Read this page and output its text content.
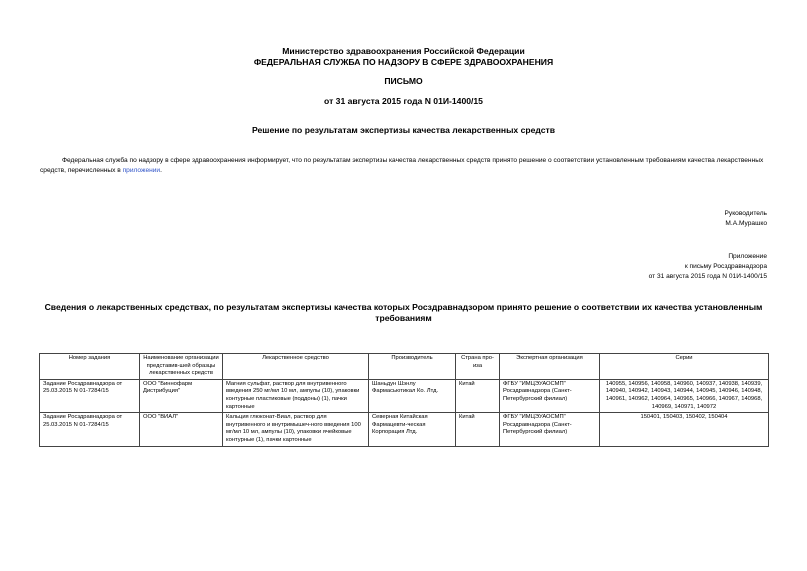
Министерство здравоохранения Российской Федерации
ФЕДЕРАЛЬНАЯ СЛУЖБА ПО НАДЗОРУ В СФЕРЕ ЗДРАВООХРАНЕНИЯ
ПИСЬМО
от 31 августа 2015 года N 01И-1400/15
Решение по результатам экспертизы качества лекарственных средств
Федеральная служба по надзору в сфере здравоохранения информирует, что по результатам экспертизы качества лекарственных средств принято решение о соответствии установленным требованиям качества лекарственных средств, перечисленных в приложении.
Руководитель
М.А.Мурашко
Приложение
к письму Росздравнадзора
от 31 августа 2015 года N 01И-1400/15
Сведения о лекарственных средствах, по результатам экспертизы качества которых Росздравнадзором принято решение о соответствии их качества установленным требованиям
Номер задания	Наименование организации представив-шей образцы лекарственных средств	Лекарственное средство	Производитель	Страна про-иза	Экспертная организация	Серии
Задание Росздравнадзора от 25.03.2015 N 01-7284/15	ООО "Биннофарм Дистрибуция"	Магния сульфат, раствор для внутривенного введения 250 мг/мл 10 мл, ампулы (10), упаковки контурные пластиковые (поддоны) (1), пачки картонные	Шаньдун Шэнлу Фармасьютикал Ко. Лтд.	Китай	ФГБУ "ИМЦЭУАОСМП" Росздравнадзора (Санкт-Петербургский филиал)	140955, 140956, 140958, 140960, 140937, 140938, 140939, 140940, 140942, 140943, 140944, 140945, 140946, 140948, 140961, 140962, 140964, 140965, 140966, 140967, 140968, 140969, 140971, 140972
Задание Росздравнадзора от 25.03.2015 N 01-7284/15	ООО "ВИАЛ"	Кальция глюконат-Виал, раствор для внутривенного и внутримышеч-ного введения 100 мг/мл 10 мл, ампулы (10), упаковки ячейковые контурные (1), пачки картонные	Северная Китайская Фармацевти-ческая Корпорация Лтд.	Китай	ФГБУ "ИМЦЭУАОСМП" Росздравнадзора (Санкт-Петербургский филиал)	150401, 150403, 150402, 150404
